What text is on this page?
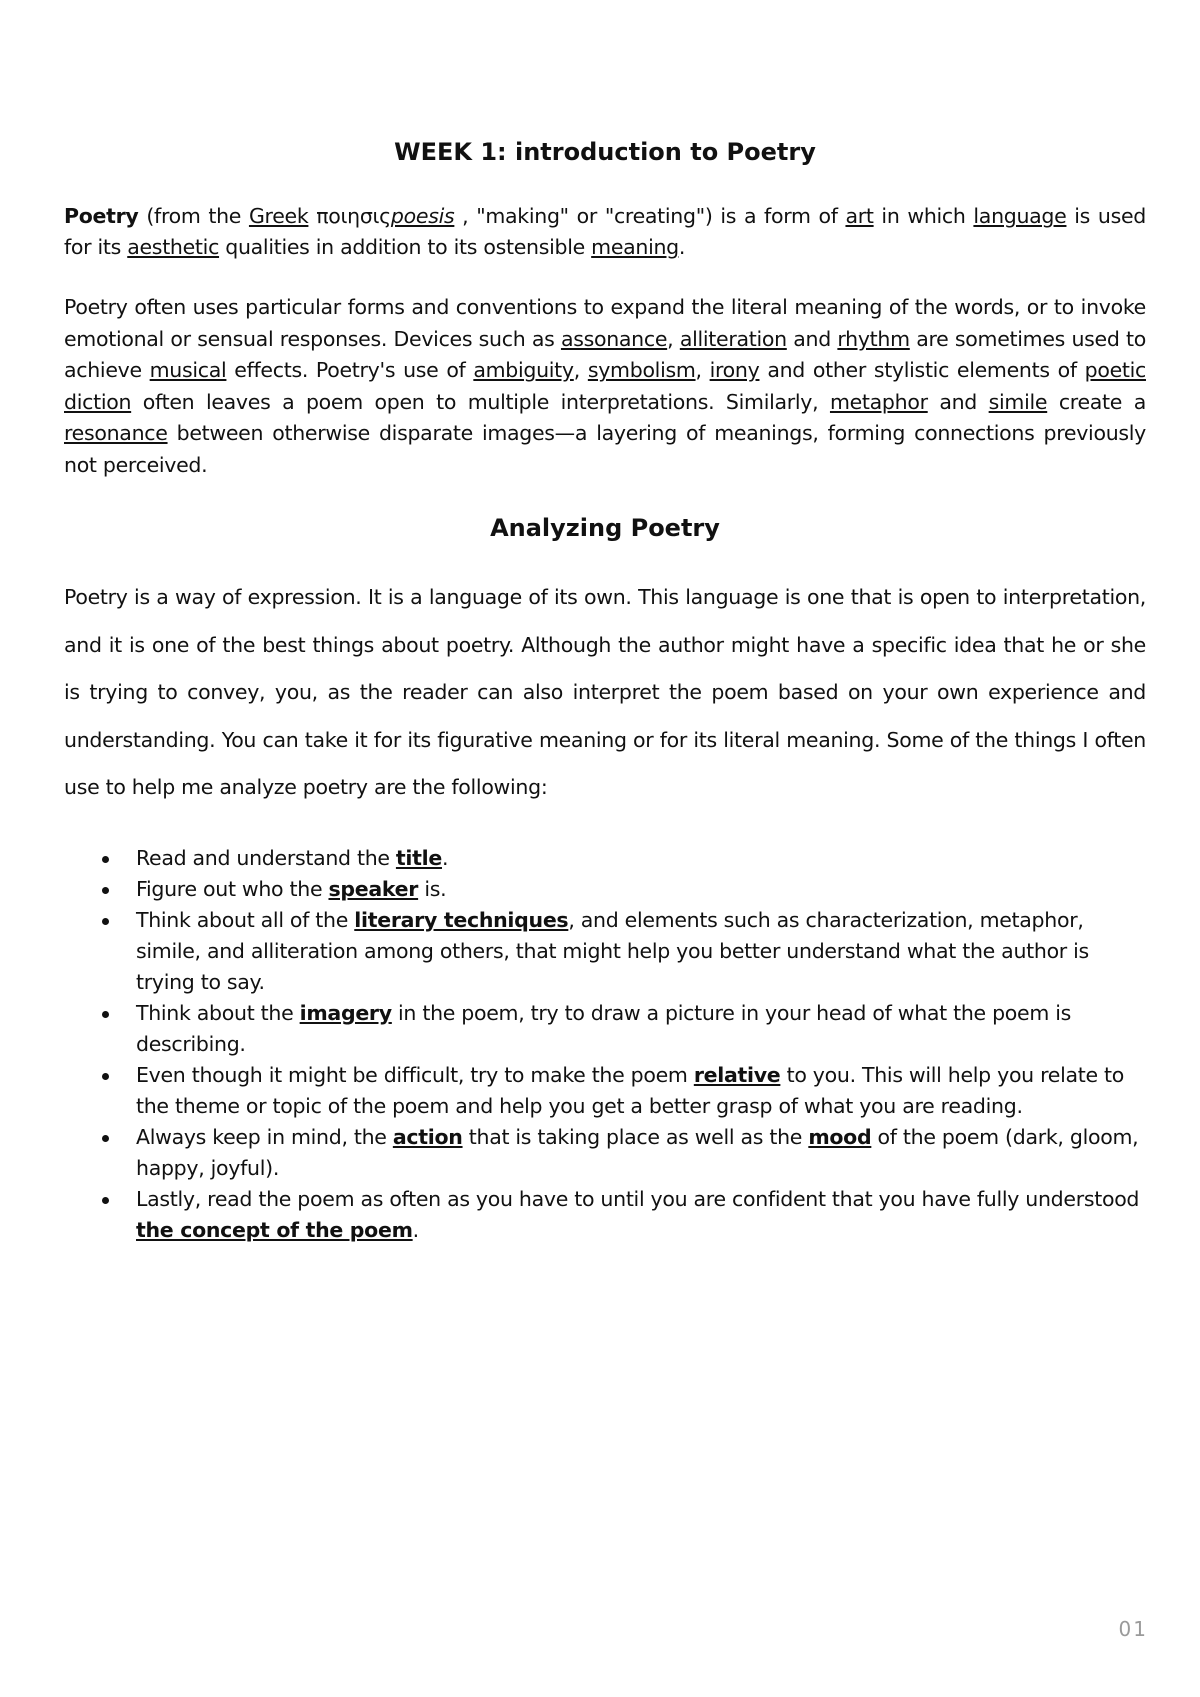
WEEK 1: introduction to Poetry

Poetry (from the Greek ποιησιςpoesis , "making" or "creating") is a form of art in which language is used for its aesthetic qualities in addition to its ostensible meaning.

Poetry often uses particular forms and conventions to expand the literal meaning of the words, or to invoke emotional or sensual responses. Devices such as assonance, alliteration and rhythm are sometimes used to achieve musical effects. Poetry's use of ambiguity, symbolism, irony and other stylistic elements of poetic diction often leaves a poem open to multiple interpretations. Similarly, metaphor and simile create a resonance between otherwise disparate images—a layering of meanings, forming connections previously not perceived.

Analyzing Poetry

Poetry is a way of expression. It is a language of its own. This language is one that is open to interpretation, and it is one of the best things about poetry. Although the author might have a specific idea that he or she is trying to convey, you, as the reader can also interpret the poem based on your own experience and understanding. You can take it for its figurative meaning or for its literal meaning. Some of the things I often use to help me analyze poetry are the following:

Read and understand the title.
Figure out who the speaker is.
Think about all of the literary techniques, and elements such as characterization, metaphor, simile, and alliteration among others, that might help you better understand what the author is trying to say.
Think about the imagery in the poem, try to draw a picture in your head of what the poem is describing.
Even though it might be difficult, try to make the poem relative to you. This will help you relate to the theme or topic of the poem and help you get a better grasp of what you are reading.
Always keep in mind, the action that is taking place as well as the mood of the poem (dark, gloom, happy, joyful).
Lastly, read the poem as often as you have to until you are confident that you have fully understood the concept of the poem.
01
